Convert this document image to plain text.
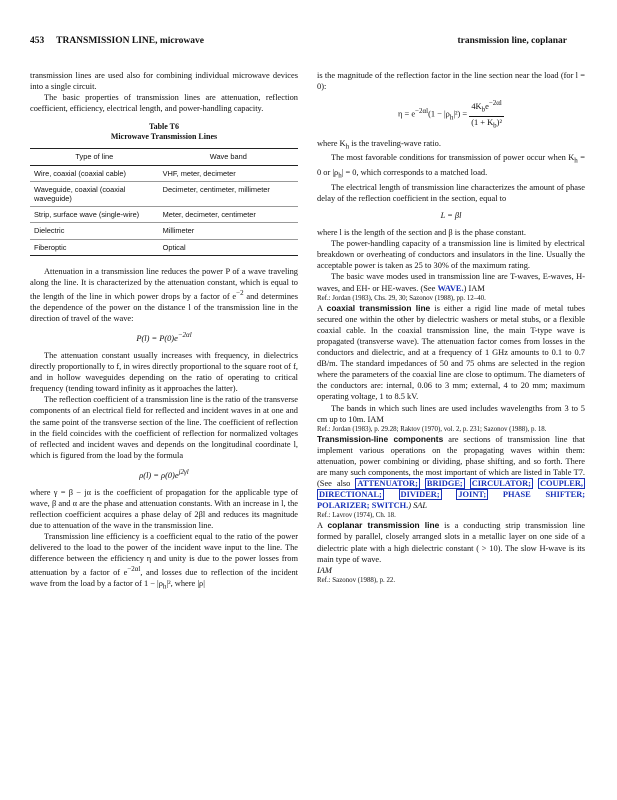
453 TRANSMISSION LINE, microwave	transmission line, coplanar

transmission lines are used also for combining individual microwave devices into a single circuit.

The basic properties of transmission lines are attenuation, reflection coefficient, efficiency, electrical length, and power-handling capacity.

Table T6
Microwave Transmission Lines
Type of line	Wave band
Wire, coaxial (coaxial cable)	VHF, meter, decimeter
Waveguide, coaxial (coaxial waveguide)	Decimeter, centimeter, millimeter
Strip, surface wave (single-wire)	Meter, decimeter, centimeter
Dielectric	Millimeter
Fiberoptic	Optical

Attenuation in a transmission line reduces the power P of a wave traveling along the line. It is characterized by the attenuation constant, which is equal to the length of the line in which power drops by a factor of $e^{-2}$ and determines the dependence of the power on the distance l of the transmission line in the direction of travel of the wave:

$P(l) = P(0)e^{-2\alpha l}$

The attenuation constant usually increases with frequency, in dielectrics directly proportionally to f, in wires directly proportional to the square root of f, and in hollow waveguides depending on the ratio of operating to critical frequency (tending toward infinity as it approaches the latter).

The reflection coefficient of a transmission line is the ratio of the transverse components of an electrical field for reflected and incident waves in at one and the same point of the transverse section of the line. The coefficient of reflection in the field coincides with the coefficient of reflection for normalized voltages of reflected and incident waves and depends on the longitudinal coordinate l, which is figured from the load by the formula

$\rho(l) = \rho(0)e^{j2\gamma l}$

where γ = β − jα is the coefficient of propagation for the applicable type of wave, β and α are the phase and attenuation constants. With an increase in l, the reflection coefficient acquires a phase delay of 2βl and reduces its magnitude due to attenuation of the wave in the transmission line.

Transmission line efficiency is a coefficient equal to the ratio of the power delivered to the load to the power of the incident wave input to the line. The difference between the efficiency η and unity is due to the power losses from attenuation by a factor of $e^{-2\alpha l}$, and losses due to reflection of the incident wave from the load by a factor of $1 - |\rho_h|^2$, where |ρ|

is the magnitude of the reflection factor in the line section near the load (for l = 0):

$\eta = e^{-2\alpha l}(1 - |\rho_h|^2) = \frac{4K_be^{-2\alpha l}}{(1 + K_b)^2}$

where $K_h$ is the traveling-wave ratio.

The most favorable conditions for transmission of power occur when $K_h = 0$ or $|\rho_h| = 0$, which corresponds to a matched load.

The electrical length of transmission line characterizes the amount of phase delay of the reflection coefficient in the section, equal to

L = βl

where l is the length of the section and β is the phase constant.

The power-handling capacity of a transmission line is limited by electrical breakdown or overheating of conductors and insulators in the line. Usually the acceptable power is taken as 25 to 30% of the maximum rating.

The basic wave modes used in transmission line are T-waves, E-waves, H-waves, and EH- or HE-waves. (See WAVE.) IAM

Ref.: Jordan (1983), Chs. 29, 30; Sazonov (1988), pp. 12–40.

A coaxial transmission line is either a rigid line made of metal tubes secured one within the other by dielectric washers or metal stubs, or a flexible coaxial cable. In the coaxial transmission line, the main T-type wave is propagated (transverse wave). The attenuation factor comes from losses in the conductors and dielectric, and at a frequency of 1 GHz amounts to 0.1 to 0.7 dB/m. The standard impedances of 50 and 75 ohms are selected in the region where the parameters of the coaxial line are close to optimum. The diameters of the conductors are: internal, 0.06 to 3 mm; external, 4 to 20 mm; maximum operating voltage, 1 to 8.5 kV.

The bands in which such lines are used includes wavelengths from 3 to 5 cm up to 10m. IAM

Ref.: Jordan (1983), p. 29.28; Raktov (1970), vol. 2, p. 231; Sazonov (1988), p. 18.

Transmission-line components are sections of transmission line that implement various operations on the propagating waves within them: attenuation, power combining or dividing, phase shifting, and so forth. There are many such components, the most important of which are listed in Table T7. (See also ATTENUATOR; BRIDGE; CIRCULATOR; COUPLER, DIRECTIONAL; DIVIDER; JOINT; PHASE SHIFTER; POLARIZER; SWITCH.) SAL

Ref.: Lavrov (1974), Ch. 18.

A coplanar transmission line is a conducting strip transmission line formed by parallel, closely arranged slots in a metallic layer on one side of a dielectric plate with a high dielectric constant ( > 10). The slow H-wave is its main type of wave.

IAM

Ref.: Sazonov (1988), p. 22.
